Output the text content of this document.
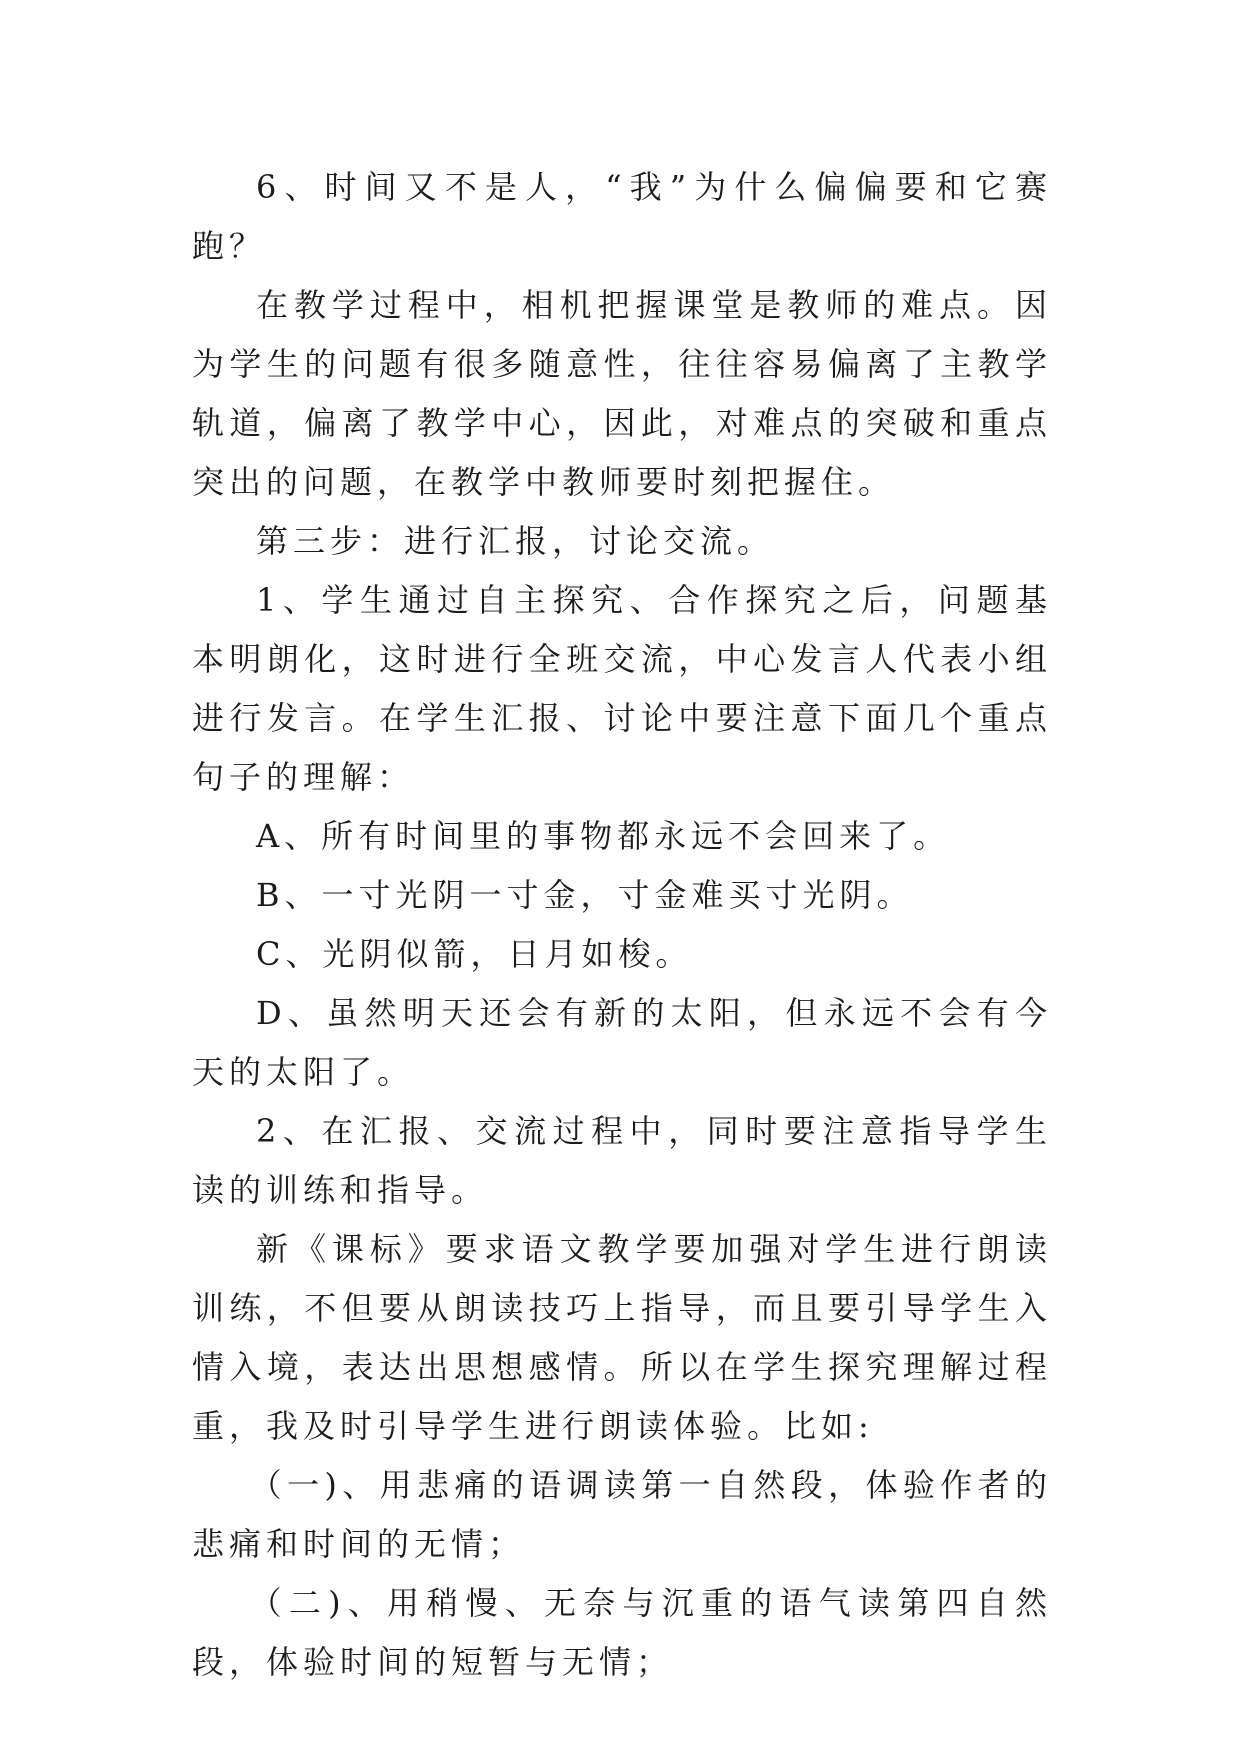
6、时间又不是人，“我”为什么偏偏要和它赛跑？

在教学过程中，相机把握课堂是教师的难点。因为学生的问题有很多随意性，往往容易偏离了主教学轨道，偏离了教学中心，因此，对难点的突破和重点突出的问题，在教学中教师要时刻把握住。

第三步：进行汇报，讨论交流。

1、学生通过自主探究、合作探究之后，问题基本明朗化，这时进行全班交流，中心发言人代表小组进行发言。在学生汇报、讨论中要注意下面几个重点句子的理解：

A、所有时间里的事物都永远不会回来了。

B、一寸光阴一寸金，寸金难买寸光阴。

C、光阴似箭，日月如梭。

D、虽然明天还会有新的太阳，但永远不会有今天的太阳了。

2、在汇报、交流过程中，同时要注意指导学生读的训练和指导。

新《课标》要求语文教学要加强对学生进行朗读训练，不但要从朗读技巧上指导，而且要引导学生入情入境，表达出思想感情。所以在学生探究理解过程重，我及时引导学生进行朗读体验。比如:

（一)、用悲痛的语调读第一自然段，体验作者的悲痛和时间的无情；

（二)、用稍慢、无奈与沉重的语气读第四自然段，体验时间的短暂与无情；
